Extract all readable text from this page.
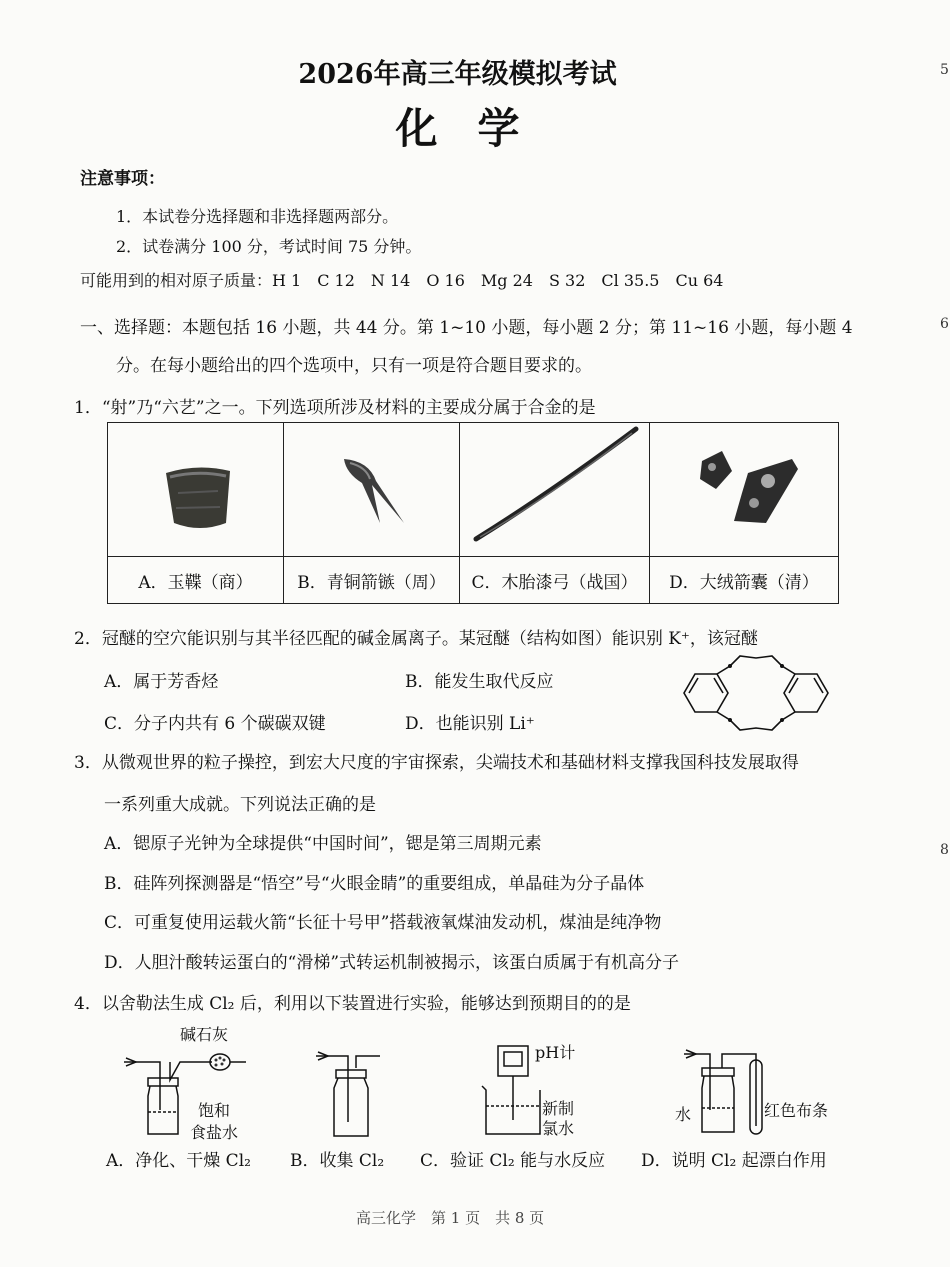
2026年高三年级模拟考试
化学
注意事项：
1．本试卷分选择题和非选择题两部分。
2．试卷满分 100 分，考试时间 75 分钟。
可能用到的相对原子质量：H 1　C 12　N 14　O 16　Mg 24　S 32　Cl 35.5　Cu 64
一、选择题：本题包括 16 小题，共 44 分。第 1~10 小题，每小题 2 分；第 11~16 小题，每小题 4
分。在每小题给出的四个选项中，只有一项是符合题目要求的。
1．“射”乃“六艺”之一。下列选项所涉及材料的主要成分属于合金的是

A．玉鞢（商）	B．青铜箭镞（周）	C．木胎漆弓（战国）	D．大绒箭囊（清）
2．冠醚的空穴能识别与其半径匹配的碱金属离子。某冠醚（结构如图）能识别 K⁺，该冠醚
A．属于芳香烃	B．能发生取代反应
C．分子内共有 6 个碳碳双键	D．也能识别 Li⁺
3．从微观世界的粒子操控，到宏大尺度的宇宙探索，尖端技术和基础材料支撑我国科技发展取得
一系列重大成就。下列说法正确的是
A．锶原子光钟为全球提供“中国时间”，锶是第三周期元素
B．硅阵列探测器是“悟空”号“火眼金睛”的重要组成，单晶硅为分子晶体
C．可重复使用运载火箭“长征十号甲”搭载液氧煤油发动机，煤油是纯净物
D．人胆汁酸转运蛋白的“滑梯”式转运机制被揭示，该蛋白质属于有机高分子
4．以舍勒法生成 Cl₂ 后，利用以下装置进行实验，能够达到预期目的的是
碱石灰
饱和
食盐水
pH计
新制
氯水
水	红色布条
A．净化、干燥 Cl₂ B．收集 Cl₂ C．验证 Cl₂ 能与水反应 D．说明 Cl₂ 起漂白作用
高三化学　第 1 页　共 8 页
5
6
8
